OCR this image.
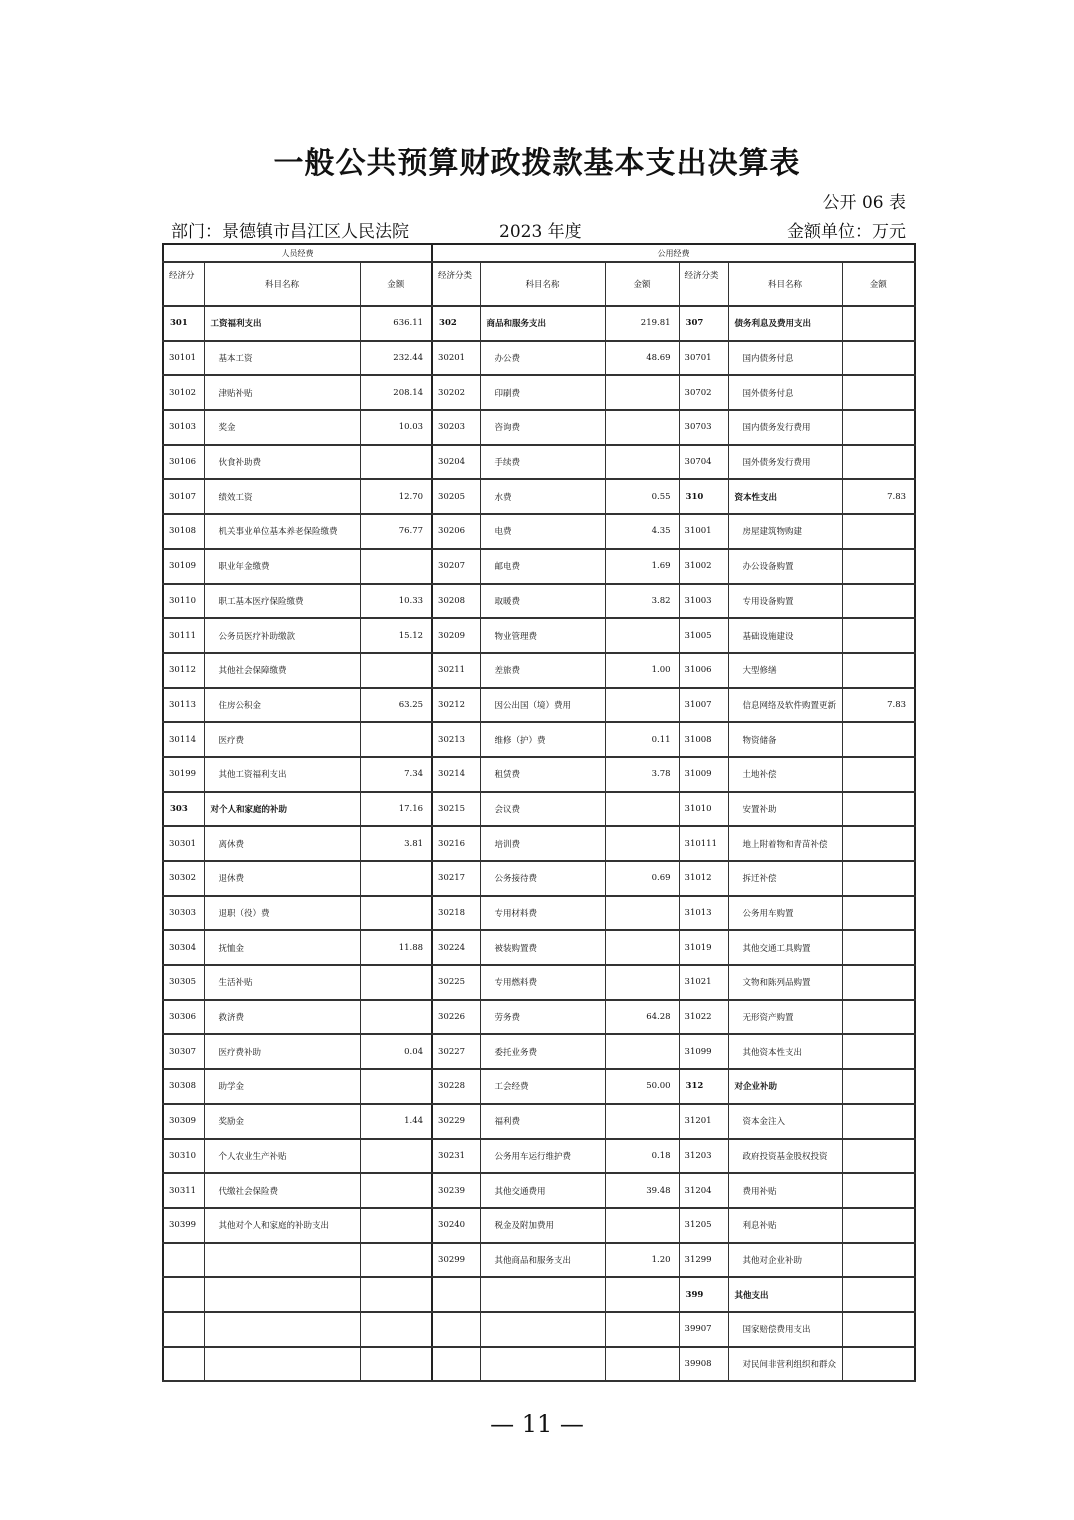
一般公共预算财政拨款基本支出决算表
公开 06 表
部门：景德镇市昌江区人民法院	2023 年度	金额单位：万元
人员经费			公用经费					
经济分	科目名称	金额	经济分类	科目名称	金额	经济分类	科目名称	金额
301	工资福利支出	636.11	302	商品和服务支出	219.81	307	债务利息及费用支出	
30101	基本工资	232.44	30201	办公费	48.69	30701	国内债务付息	
30102	津贴补贴	208.14	30202	印刷费		30702	国外债务付息	
30103	奖金	10.03	30203	咨询费		30703	国内债务发行费用	
30106	伙食补助费		30204	手续费		30704	国外债务发行费用	
30107	绩效工资	12.70	30205	水费	0.55	310	资本性支出	7.83
30108	机关事业单位基本养老保险缴费	76.77	30206	电费	4.35	31001	房屋建筑物购建	
30109	职业年金缴费		30207	邮电费	1.69	31002	办公设备购置	
30110	职工基本医疗保险缴费	10.33	30208	取暖费	3.82	31003	专用设备购置	
30111	公务员医疗补助缴款	15.12	30209	物业管理费		31005	基础设施建设	
30112	其他社会保障缴费		30211	差旅费	1.00	31006	大型修缮	
30113	住房公积金	63.25	30212	因公出国（境）费用		31007	信息网络及软件购置更新	7.83
30114	医疗费		30213	维修（护）费	0.11	31008	物资储备	
30199	其他工资福利支出	7.34	30214	租赁费	3.78	31009	土地补偿	
303	对个人和家庭的补助	17.16	30215	会议费		31010	安置补助	
30301	离休费	3.81	30216	培训费		310111	地上附着物和青苗补偿	
30302	退休费		30217	公务接待费	0.69	31012	拆迁补偿	
30303	退职（役）费		30218	专用材料费		31013	公务用车购置	
30304	抚恤金	11.88	30224	被装购置费		31019	其他交通工具购置	
30305	生活补贴		30225	专用燃料费		31021	文物和陈列品购置	
30306	救济费		30226	劳务费	64.28	31022	无形资产购置	
30307	医疗费补助	0.04	30227	委托业务费		31099	其他资本性支出	
30308	助学金		30228	工会经费	50.00	312	对企业补助	
30309	奖励金	1.44	30229	福利费		31201	资本金注入	
30310	个人农业生产补贴		30231	公务用车运行维护费	0.18	31203	政府投资基金股权投资	
30311	代缴社会保险费		30239	其他交通费用	39.48	31204	费用补贴	
30399	其他对个人和家庭的补助支出		30240	税金及附加费用		31205	利息补贴	
			30299	其他商品和服务支出	1.20	31299	其他对企业补助	
						399	其他支出	
						39907	国家赔偿费用支出	
						39908	对民间非营利组织和群众	
— 11 —
